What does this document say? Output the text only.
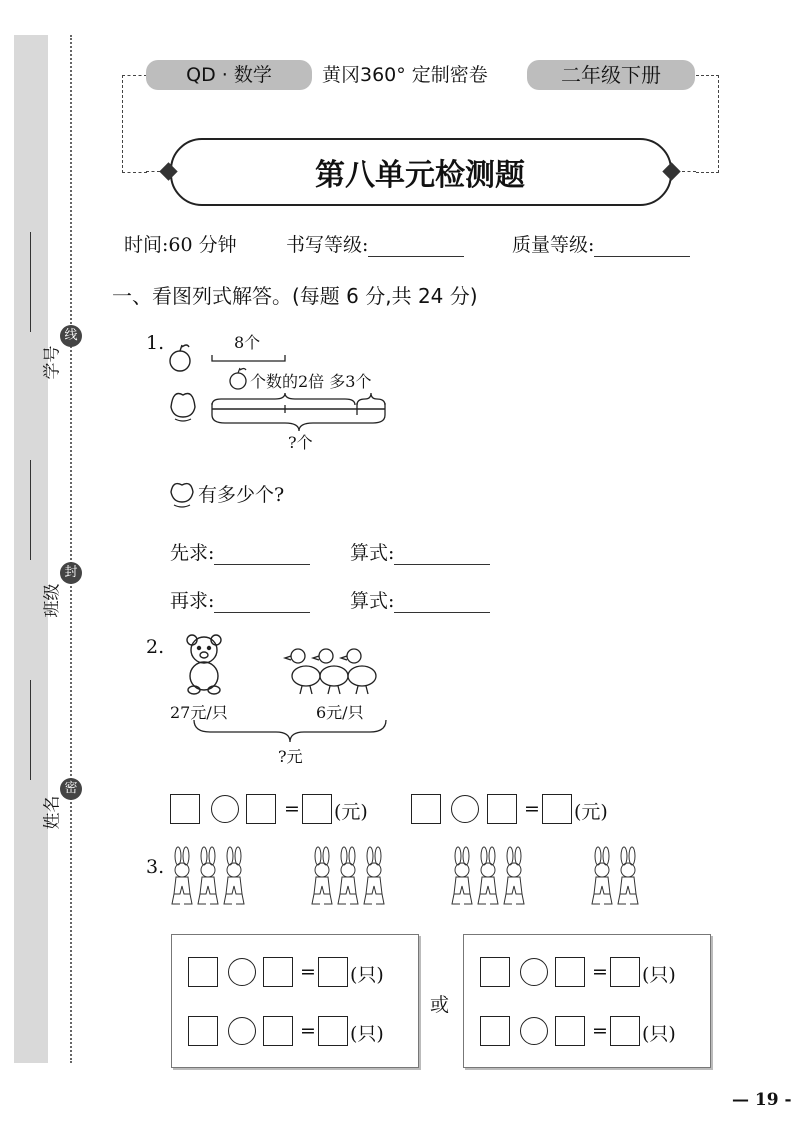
学号
班级
姓名
线
封
密
QD · 数学	黄冈360° 定制密卷	二年级下册
第八单元检测题
时间:60 分钟	书写等级:	质量等级:
一、看图列式解答。(每题 6 分,共 24 分)
1.	8个
个数的2倍 多3个
?个
有多少个?
先求:	算式:
再求:	算式:
2.
27元/只	6元/只
?元
= (元)	= (元)
3.
或
= (只)
= (只)
= (只)
= (只)
— 19 -
